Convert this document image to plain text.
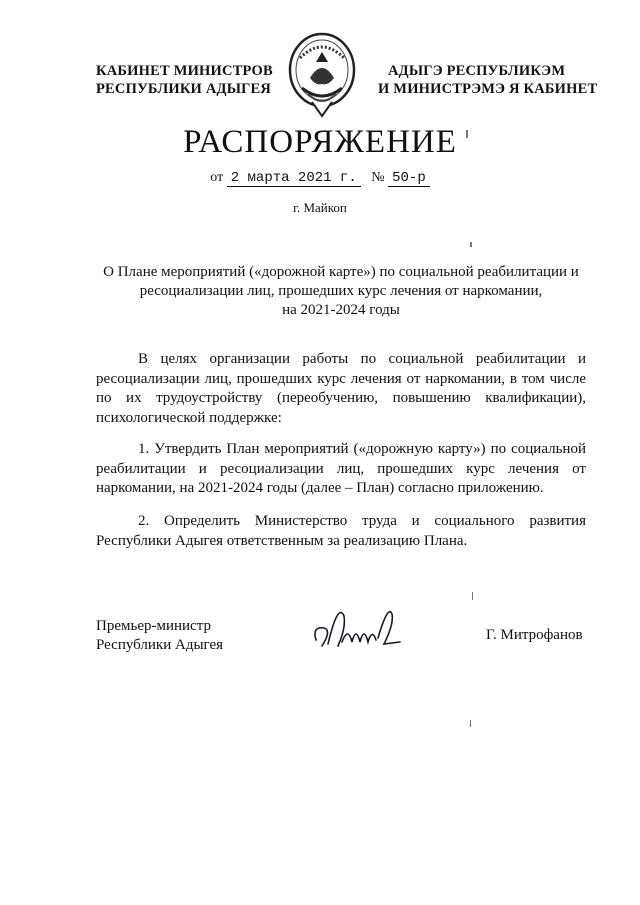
КАБИНЕТ МИНИСТРОВ
РЕСПУБЛИКИ АДЫГЕЯ
АДЫГЭ РЕСПУБЛИКЭМ
И МИНИСТРЭМЭ Я КАБИНЕТ
РАСПОРЯЖЕНИЕ
от 2 марта 2021 г. № 50-р
г. Майкоп
О Плане мероприятий («дорожной карте») по социальной реабилитации и
ресоциализации лиц, прошедших курс лечения от наркомании,
на 2021-2024 годы

В целях организации работы по социальной реабилитации и ресоциализации лиц, прошедших курс лечения от наркомании, в том числе по их трудоустройству (переобучению, повышению квалификации), психологической поддержке:

1. Утвердить План мероприятий («дорожную карту») по социальной реабилитации и ресоциализации лиц, прошедших курс лечения от наркомании, на 2021-2024 годы (далее – План) согласно приложению.

2. Определить Министерство труда и социального развития Республики Адыгея ответственным за реализацию Плана.

Премьер-министр
Республики Адыгея
Г. Митрофанов
